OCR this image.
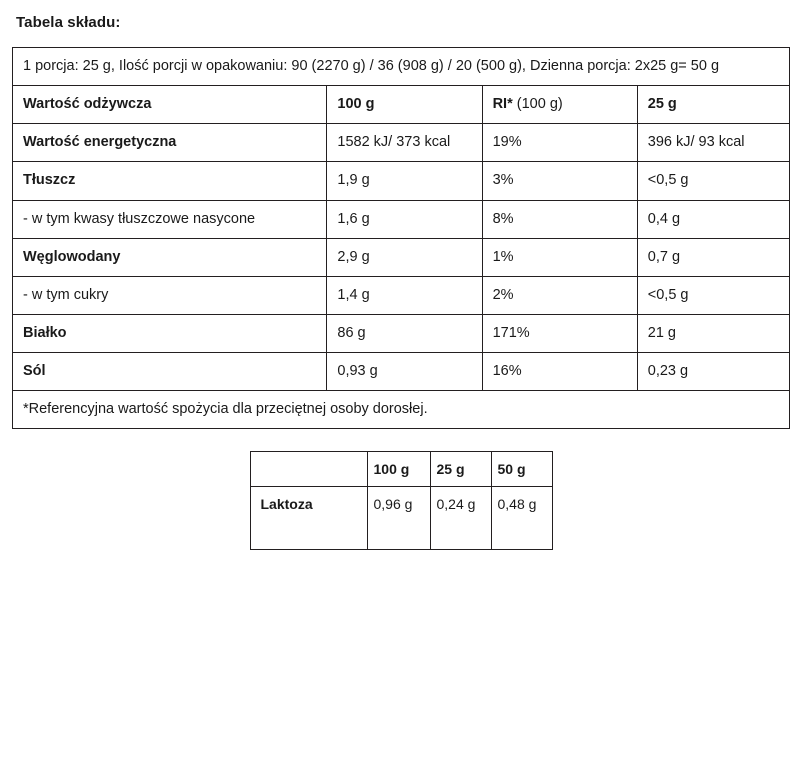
Tabela składu:
1 porcja: 25 g, Ilość porcji w opakowaniu: 90 (2270 g) / 36 (908 g) / 20 (500 g), Dzienna porcja: 2x25 g= 50 g			
Wartość odżywcza	100 g	RI* (100 g)	25 g
Wartość energetyczna	1582 kJ/ 373 kcal	19%	396 kJ/ 93 kcal
Tłuszcz	1,9 g	3%	<0,5 g
- w tym kwasy tłuszczowe nasycone	1,6 g	8%	0,4 g
Węglowodany	2,9 g	1%	0,7 g
- w tym cukry	1,4 g	2%	<0,5 g
Białko	86 g	171%	21 g
Sól	0,93 g	16%	0,23 g
*Referencyjna wartość spożycia dla przeciętnej osoby dorosłej.			
	100 g	25 g	50 g
Laktoza	0,96 g	0,24 g	0,48 g
